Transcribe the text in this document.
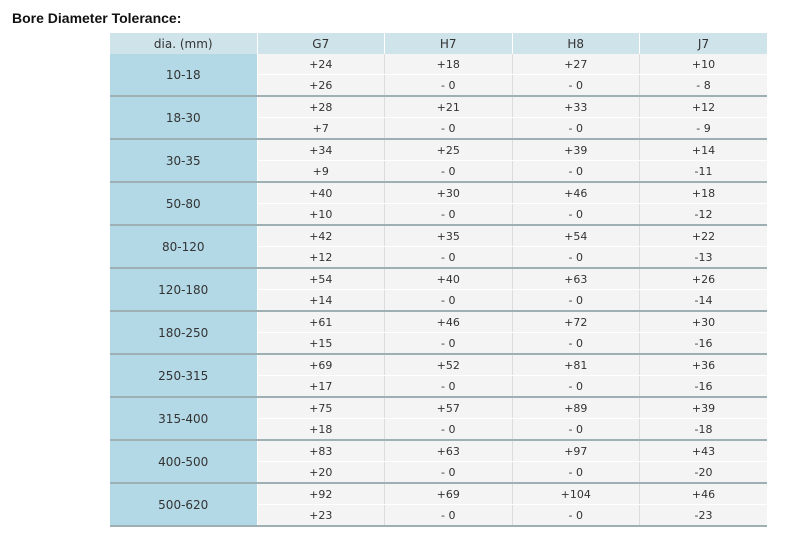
Bore Diameter Tolerance:
dia. (mm)	G7	H7	H8	J7
10-18	+24	+18	+27	+10
	+26	- 0	- 0	- 8
18-30	+28	+21	+33	+12
	+7	- 0	- 0	- 9
30-35	+34	+25	+39	+14
	+9	- 0	- 0	-11
50-80	+40	+30	+46	+18
	+10	- 0	- 0	-12
80-120	+42	+35	+54	+22
	+12	- 0	- 0	-13
120-180	+54	+40	+63	+26
	+14	- 0	- 0	-14
180-250	+61	+46	+72	+30
	+15	- 0	- 0	-16
250-315	+69	+52	+81	+36
	+17	- 0	- 0	-16
315-400	+75	+57	+89	+39
	+18	- 0	- 0	-18
400-500	+83	+63	+97	+43
	+20	- 0	- 0	-20
500-620	+92	+69	+104	+46
	+23	- 0	- 0	-23
